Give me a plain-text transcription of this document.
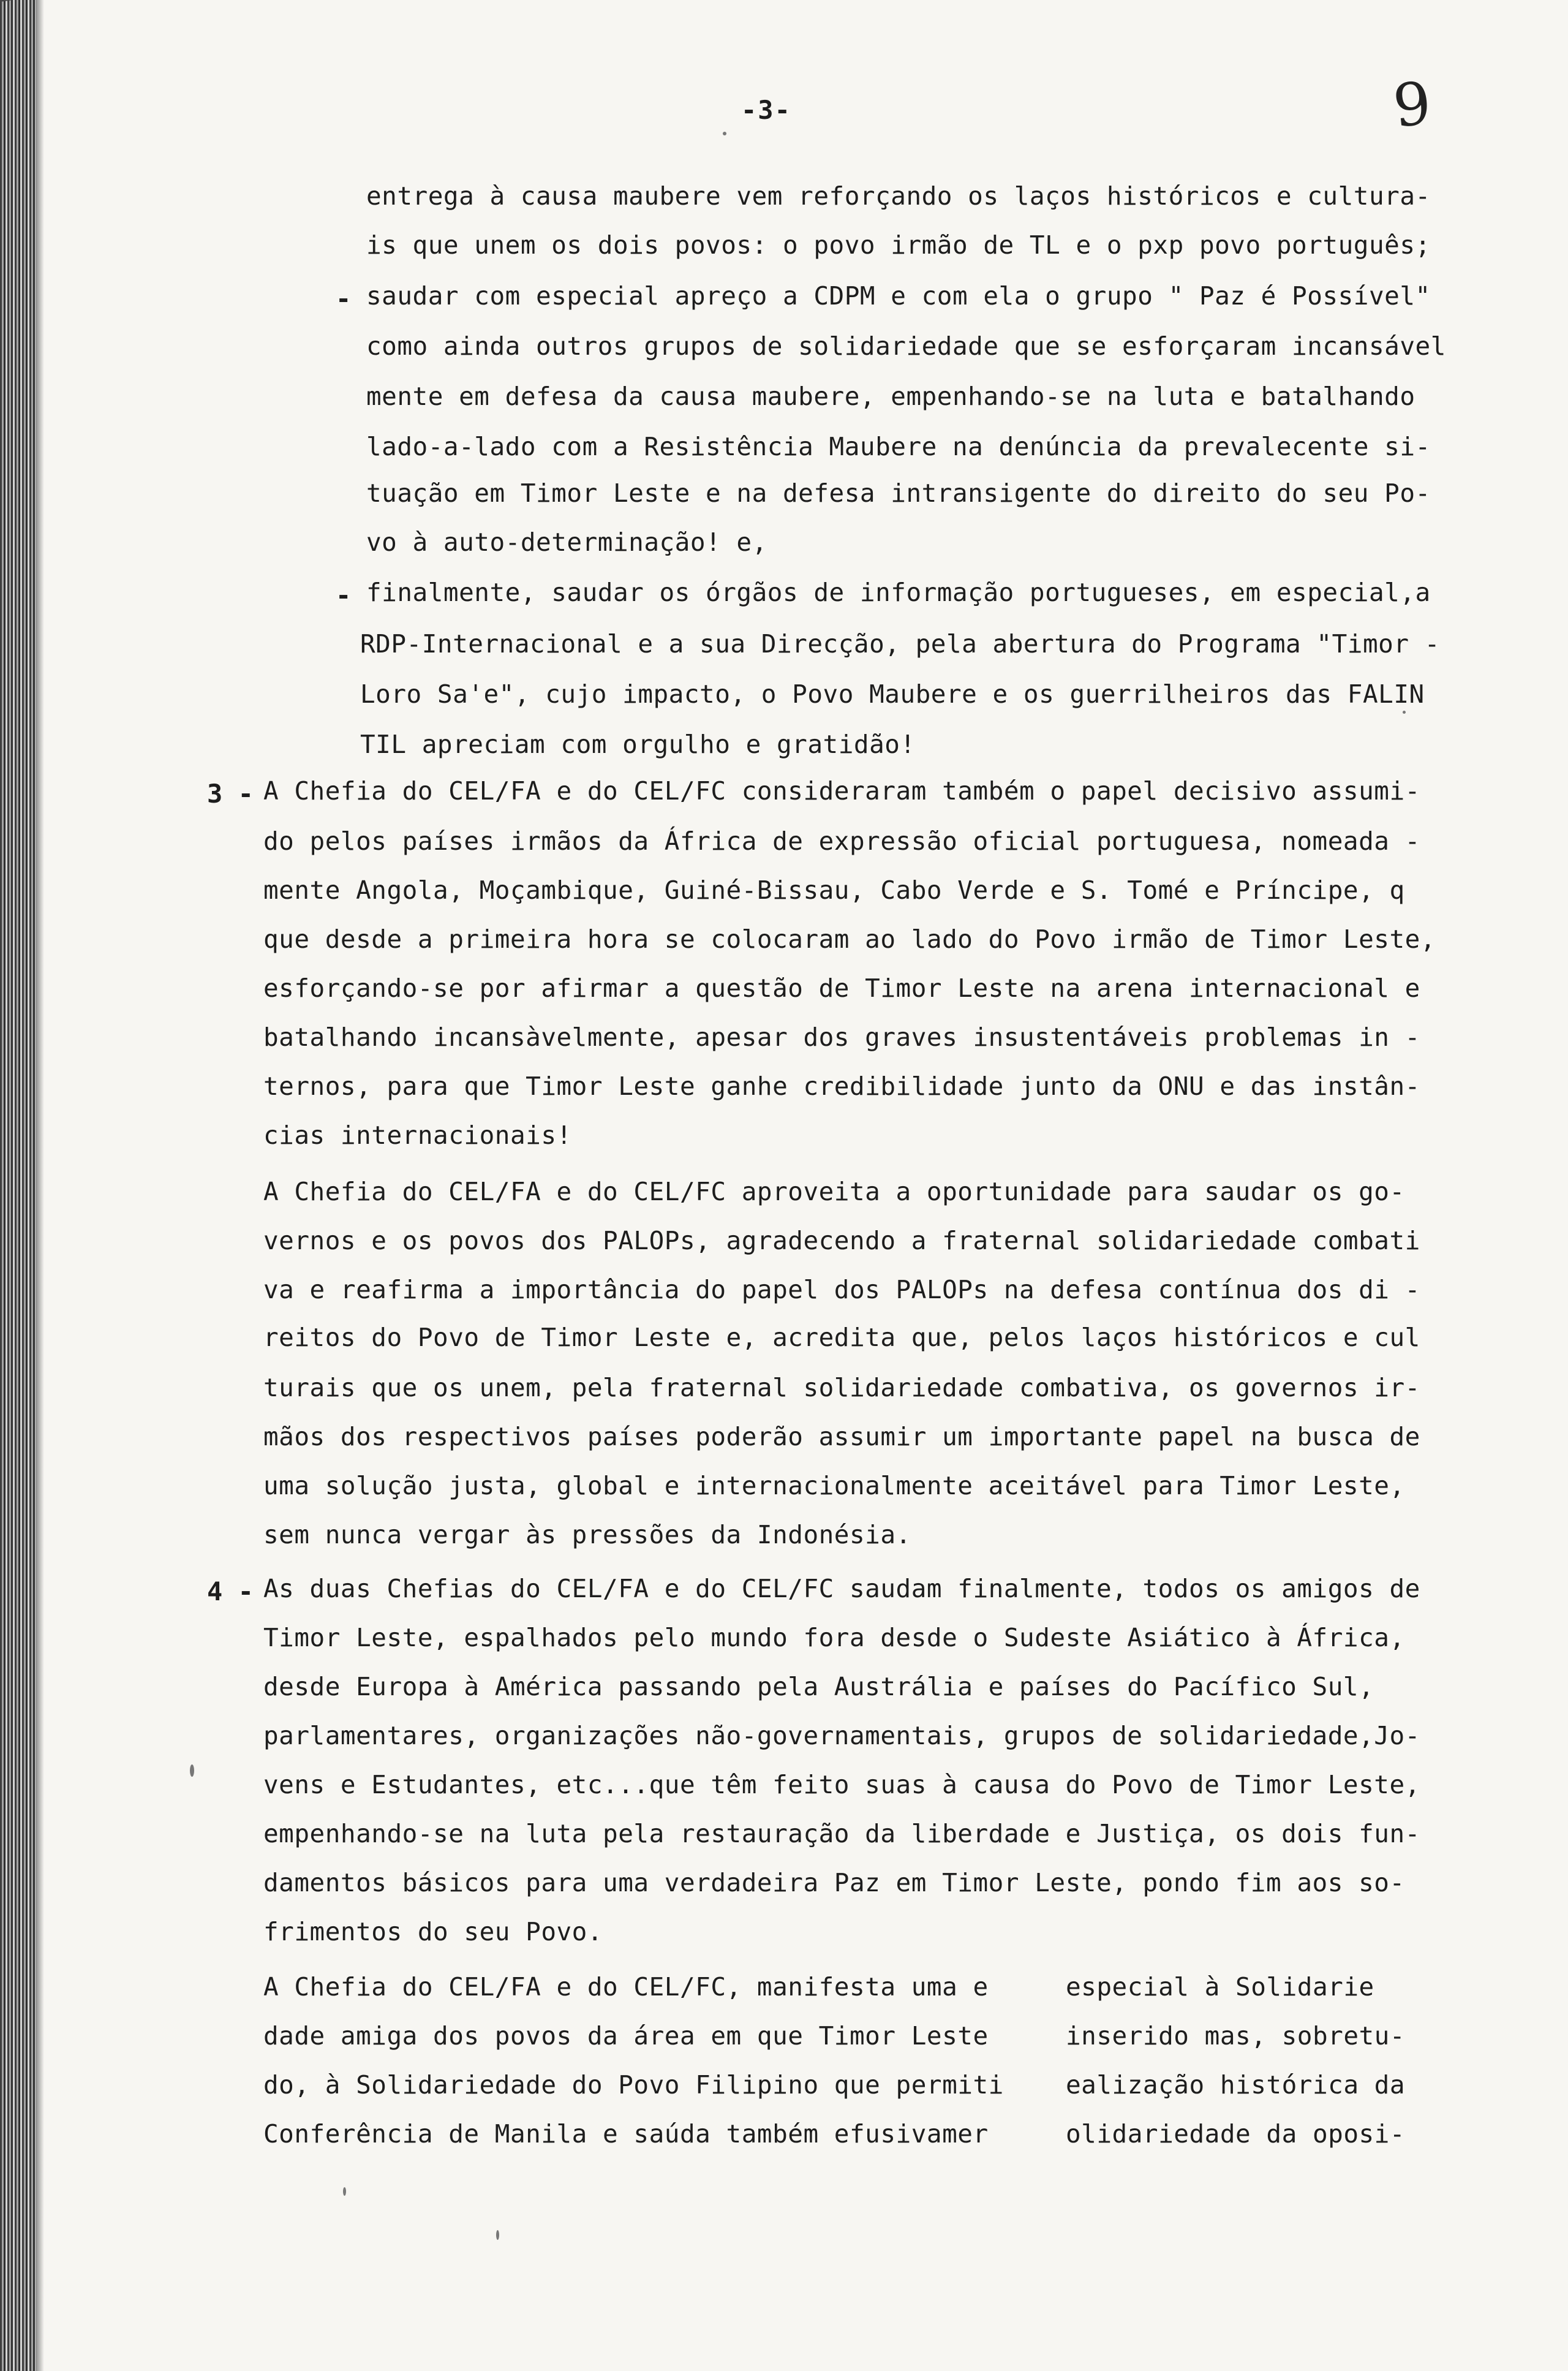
-3-	9
-
-
3 -
4 -
entrega à causa maubere vem reforçando os laços históricos e cultura-
is que unem os dois povos: o povo irmão de TL e o pxp povo português;
saudar com especial apreço a CDPM e com ela o grupo " Paz é Possível"
como ainda outros grupos de solidariedade que se esforçaram incansável
mente em defesa da causa maubere, empenhando-se na luta e batalhando
lado-a-lado com a Resistência Maubere na denúncia da prevalecente si-
tuação em Timor Leste e na defesa intransigente do direito do seu Po-
vo à auto-determinação! e,
finalmente, saudar os órgãos de informação portugueses, em especial,a
RDP-Internacional e a sua Direcção, pela abertura do Programa "Timor -
Loro Sa'e", cujo impacto, o Povo Maubere e os guerrilheiros das FALIN
TIL apreciam com orgulho e gratidão!
A Chefia do CEL/FA e do CEL/FC consideraram também o papel decisivo assumi-
do pelos países irmãos da África de expressão oficial portuguesa, nomeada -
mente Angola, Moçambique, Guiné-Bissau, Cabo Verde e S. Tomé e Príncipe, q
que desde a primeira hora se colocaram ao lado do Povo irmão de Timor Leste,
esforçando-se por afirmar a questão de Timor Leste na arena internacional e
batalhando incansàvelmente, apesar dos graves insustentáveis problemas in -
ternos, para que Timor Leste ganhe credibilidade junto da ONU e das instân-
cias internacionais!
A Chefia do CEL/FA e do CEL/FC aproveita a oportunidade para saudar os go-
vernos e os povos dos PALOPs, agradecendo a fraternal solidariedade combati
va e reafirma a importância do papel dos PALOPs na defesa contínua dos di -
reitos do Povo de Timor Leste e, acredita que, pelos laços históricos e cul
turais que os unem, pela fraternal solidariedade combativa, os governos ir-
mãos dos respectivos países poderão assumir um importante papel na busca de
uma solução justa, global e internacionalmente aceitável para Timor Leste,
sem nunca vergar às pressões da Indonésia.
As duas Chefias do CEL/FA e do CEL/FC saudam finalmente, todos os amigos de
Timor Leste, espalhados pelo mundo fora desde o Sudeste Asiático à África,
desde Europa à América passando pela Austrália e países do Pacífico Sul,
parlamentares, organizações não-governamentais, grupos de solidariedade,Jo-
vens e Estudantes, etc...que têm feito suas à causa do Povo de Timor Leste,
empenhando-se na luta pela restauração da liberdade e Justiça, os dois fun-
damentos básicos para uma verdadeira Paz em Timor Leste, pondo fim aos so-
frimentos do seu Povo.
A Chefia do CEL/FA e do CEL/FC, manifesta uma e
dade amiga dos povos da área em que Timor Leste
do, à Solidariedade do Povo Filipino que permiti
Conferência de Manila e saúda também efusivamer
especial à Solidarie
inserido mas, sobretu-
ealização histórica da
olidariedade da oposi-
